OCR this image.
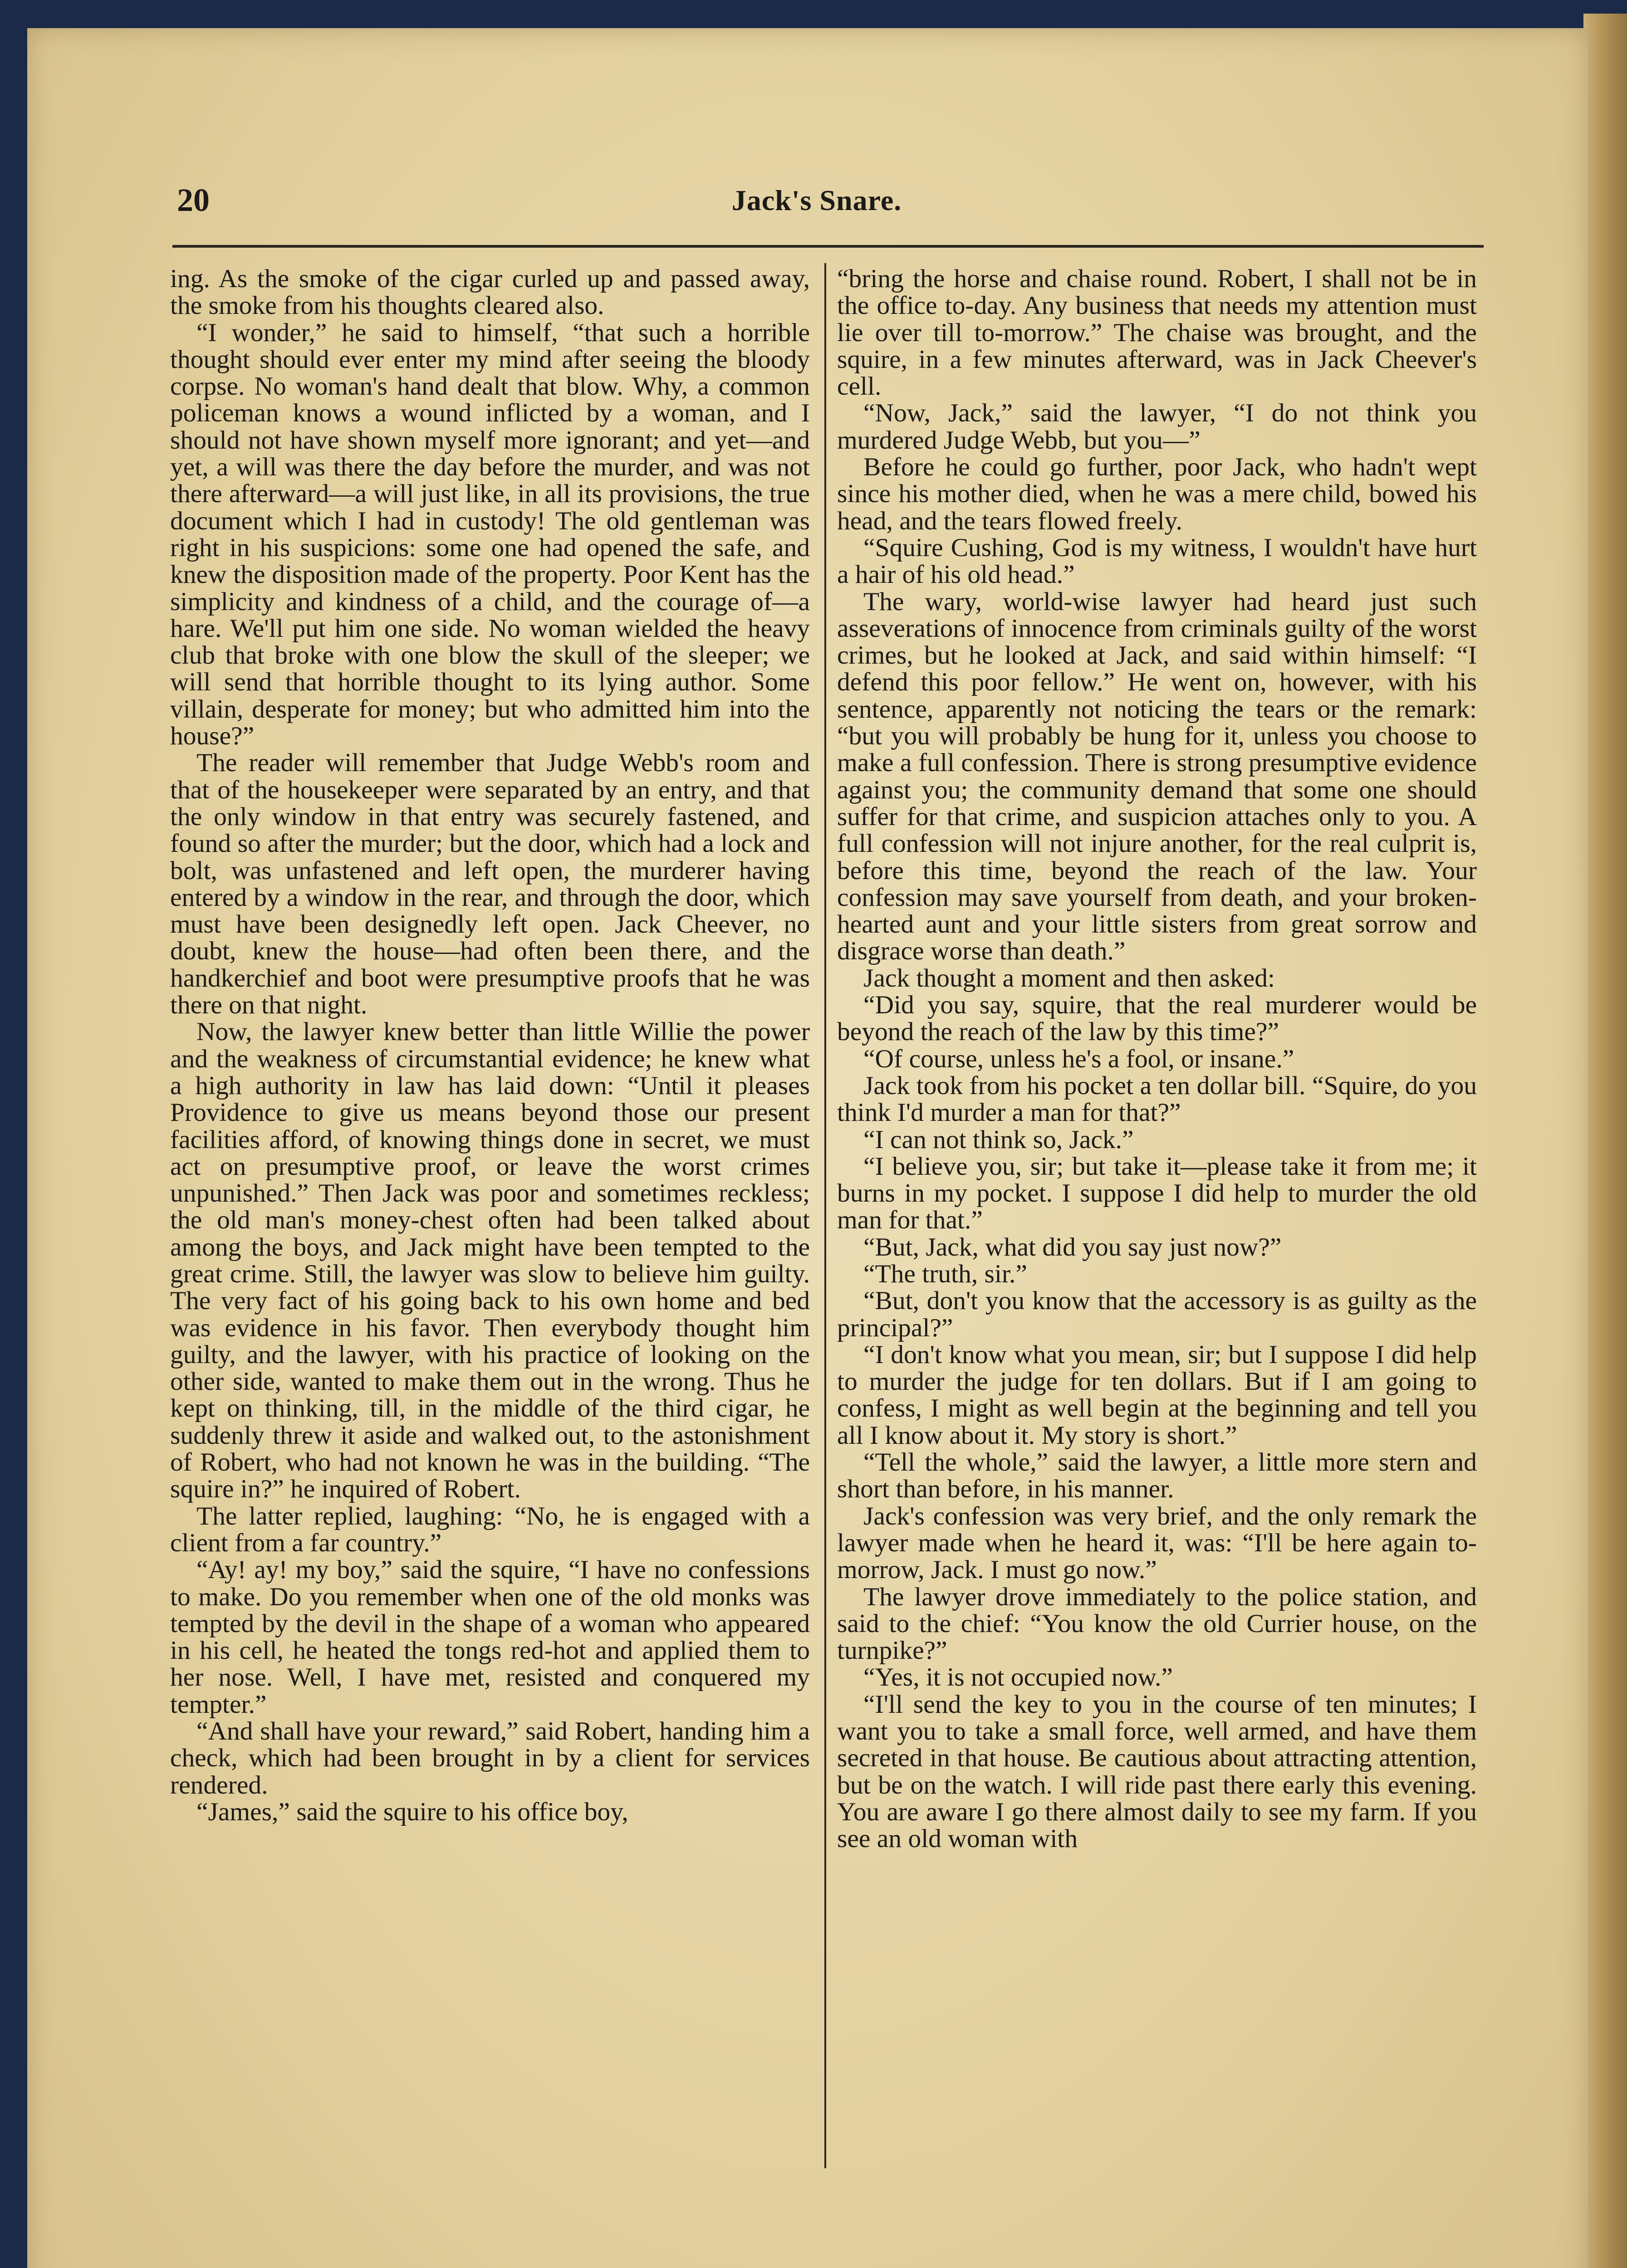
20	Jack's Snare.

ing. As the smoke of the cigar curled up and passed away, the smoke from his thoughts cleared also.

“I wonder,” he said to himself, “that such a horrible thought should ever enter my mind after seeing the bloody corpse. No woman's hand dealt that blow. Why, a common policeman knows a wound inflicted by a woman, and I should not have shown myself more ignorant; and yet—and yet, a will was there the day before the murder, and was not there afterward—a will just like, in all its provisions, the true document which I had in custody! The old gentleman was right in his suspicions: some one had opened the safe, and knew the disposition made of the property. Poor Kent has the simplicity and kindness of a child, and the courage of—a hare. We'll put him one side. No woman wielded the heavy club that broke with one blow the skull of the sleeper; we will send that horrible thought to its lying author. Some villain, desperate for money; but who admitted him into the house?”

The reader will remember that Judge Webb's room and that of the housekeeper were separated by an entry, and that the only window in that entry was securely fastened, and found so after the murder; but the door, which had a lock and bolt, was unfastened and left open, the murderer having entered by a window in the rear, and through the door, which must have been designedly left open. Jack Cheever, no doubt, knew the house—had often been there, and the handkerchief and boot were presumptive proofs that he was there on that night.

Now, the lawyer knew better than little Willie the power and the weakness of circumstantial evidence; he knew what a high authority in law has laid down: “Until it pleases Providence to give us means beyond those our present facilities afford, of knowing things done in secret, we must act on presumptive proof, or leave the worst crimes unpunished.” Then Jack was poor and sometimes reckless; the old man's money-chest often had been talked about among the boys, and Jack might have been tempted to the great crime. Still, the lawyer was slow to believe him guilty. The very fact of his going back to his own home and bed was evidence in his favor. Then everybody thought him guilty, and the lawyer, with his practice of looking on the other side, wanted to make them out in the wrong. Thus he kept on thinking, till, in the middle of the third cigar, he suddenly threw it aside and walked out, to the astonishment of Robert, who had not known he was in the building. “The squire in?” he inquired of Robert.

The latter replied, laughing: “No, he is engaged with a client from a far country.”

“Ay! ay! my boy,” said the squire, “I have no confessions to make. Do you remember when one of the old monks was tempted by the devil in the shape of a woman who appeared in his cell, he heated the tongs red-hot and applied them to her nose. Well, I have met, resisted and conquered my tempter.”

“And shall have your reward,” said Robert, handing him a check, which had been brought in by a client for services rendered.

“James,” said the squire to his office boy,

“bring the horse and chaise round. Robert, I shall not be in the office to-day. Any business that needs my attention must lie over till to-morrow.” The chaise was brought, and the squire, in a few minutes afterward, was in Jack Cheever's cell.

“Now, Jack,” said the lawyer, “I do not think you murdered Judge Webb, but you—”

Before he could go further, poor Jack, who hadn't wept since his mother died, when he was a mere child, bowed his head, and the tears flowed freely.

“Squire Cushing, God is my witness, I wouldn't have hurt a hair of his old head.”

The wary, world-wise lawyer had heard just such asseverations of innocence from criminals guilty of the worst crimes, but he looked at Jack, and said within himself: “I defend this poor fellow.” He went on, however, with his sentence, apparently not noticing the tears or the remark: “but you will probably be hung for it, unless you choose to make a full confession. There is strong presumptive evidence against you; the community demand that some one should suffer for that crime, and suspicion attaches only to you. A full confession will not injure another, for the real culprit is, before this time, beyond the reach of the law. Your confession may save yourself from death, and your broken-hearted aunt and your little sisters from great sorrow and disgrace worse than death.”

Jack thought a moment and then asked:

“Did you say, squire, that the real murderer would be beyond the reach of the law by this time?”

“Of course, unless he's a fool, or insane.”

Jack took from his pocket a ten dollar bill. “Squire, do you think I'd murder a man for that?”

“I can not think so, Jack.”

“I believe you, sir; but take it—please take it from me; it burns in my pocket. I suppose I did help to murder the old man for that.”

“But, Jack, what did you say just now?”

“The truth, sir.”

“But, don't you know that the accessory is as guilty as the principal?”

“I don't know what you mean, sir; but I suppose I did help to murder the judge for ten dollars. But if I am going to confess, I might as well begin at the beginning and tell you all I know about it. My story is short.”

“Tell the whole,” said the lawyer, a little more stern and short than before, in his manner.

Jack's confession was very brief, and the only remark the lawyer made when he heard it, was: “I'll be here again to-morrow, Jack. I must go now.”

The lawyer drove immediately to the police station, and said to the chief: “You know the old Currier house, on the turnpike?”

“Yes, it is not occupied now.”

“I'll send the key to you in the course of ten minutes; I want you to take a small force, well armed, and have them secreted in that house. Be cautious about attracting attention, but be on the watch. I will ride past there early this evening. You are aware I go there almost daily to see my farm. If you see an old woman with
